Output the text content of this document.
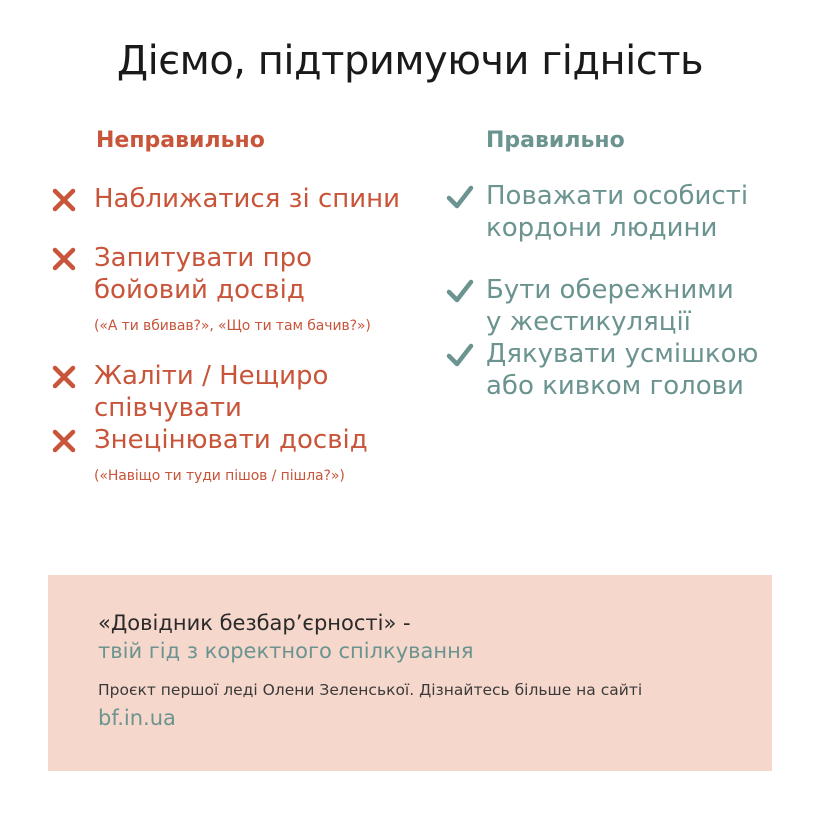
Діємо, підтримуючи гідність
Неправильно
Наближатися зі спини
Запитувати про бойовий досвід
(«А ти вбивав?», «Що ти там бачив?»)
Жаліти / Нещиро співчувати
Знецінювати досвід
(«Навіщо ти туди пішов / пішла?»)
Правильно
Поважати особисті кордони людини
Бути обережними у жестикуляції
Дякувати усмішкою або кивком голови
«Довідник безбар’єрності» -
твій гід з коректного спілкування
Проєкт першої леді Олени Зеленської. Дізнайтесь більше на сайті
bf.in.ua
